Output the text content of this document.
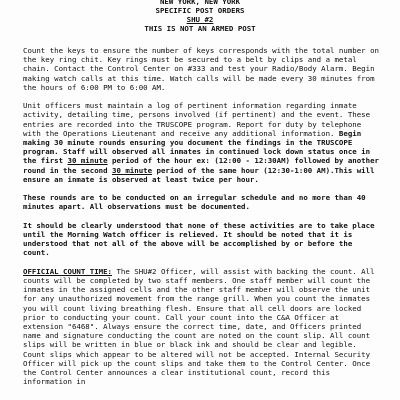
NEW YORK, NEW YORK
SPECIFIC POST ORDERS
SHU #2
THIS IS NOT AN ARMED POST

Count the keys to ensure the number of keys corresponds with the total number on the key ring chit. Key rings must be secured to a belt by clips and a metal chain. Contact the Control Center on #333 and test your Radio/Body Alarm. Begin making watch calls at this time. Watch calls will be made every 30 minutes from the hours of 6:00 PM to 6:00 AM.

Unit officers must maintain a log of pertinent information regarding inmate activity, detailing time, persons involved (if pertinent) and the event. These entries are recorded into the TRUSCOPE program. Report for duty by telephone with the Operations Lieutenant and receive any additional information. Begin making 30 minute rounds ensuring you document the findings in the TRUSCOPE program. Staff will observed all inmates in continued lock down status once in the first 30 minute period of the hour ex: (12:00 - 12:30AM) followed by another round in the second 30 minute period of the same hour (12:30-1:00 AM).This will ensure an inmate is observed at least twice per hour.

These rounds are to be conducted on an irregular schedule and no more than 40 minutes apart. All observations must be documented.

It should be clearly understood that none of these activities are to take place until the Morning Watch officer is relieved. It should be noted that it is understood that not all of the above will be accomplished by or before the count.

OFFICIAL COUNT TIME: The SHU#2 Officer, will assist with backing the count. All counts will be completed by two staff members. One staff member will count the inmates in the assigned cells and the other staff member will observe the unit for any unauthorized movement from the range grill. When you count the inmates you will count living breathing flesh. Ensure that all cell doors are locked prior to conducting your count. Call your count into the C&A Officer at extension "6468". Always ensure the correct time, date, and Officers printed name and signature conducting the count are noted on the count slip. All count slips will be written in blue or black ink and should be clear and legible. Count slips which appear to be altered will not be accepted. Internal Security Officer will pick up the count slips and take them to the Control Center. Once the Control Center announces a clear institutional count, record this information in
